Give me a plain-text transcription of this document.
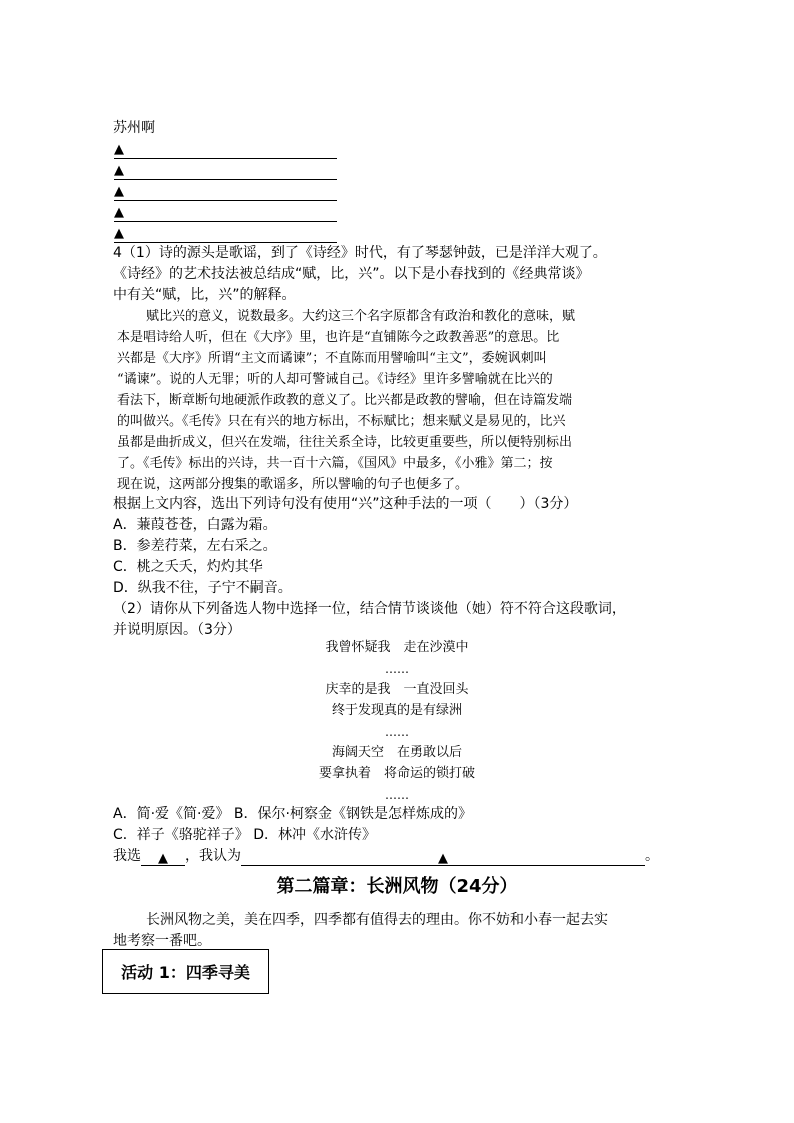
苏州啊
▲
▲
▲
▲
▲
4（1）诗的源头是歌谣，到了《诗经》时代，有了琴瑟钟鼓，已是洋洋大观了。
《诗经》的艺术技法被总结成“赋，比，兴”。以下是小春找到的《经典常谈》
中有关“赋，比，兴”的解释。
赋比兴的意义，说数最多。大约这三个名字原都含有政治和教化的意味，赋
本是唱诗给人听，但在《大序》里，也许是“直铺陈今之政教善恶”的意思。比
兴都是《大序》所谓“主文而谲谏”；不直陈而用譬喻叫“主文”，委婉讽刺叫
“谲谏”。说的人无罪；听的人却可警诫自己。《诗经》里许多譬喻就在比兴的
看法下，断章断句地硬派作政教的意义了。比兴都是政教的譬喻，但在诗篇发端
的叫做兴。《毛传》只在有兴的地方标出，不标赋比；想来赋义是易见的，比兴
虽都是曲折成义，但兴在发端，往往关系全诗，比较更重要些，所以便特别标出
了。《毛传》标出的兴诗，共一百十六篇，《国风》中最多，《小雅》第二；按
现在说，这两部分搜集的歌谣多，所以譬喻的句子也便多了。
根据上文内容，选出下列诗句没有使用“兴”这种手法的一项（　　）（3分）
A．蒹葭苍苍，白露为霜。
B．参差荇菜，左右采之。
C．桃之夭夭，灼灼其华
D．纵我不往，子宁不嗣音。
（2）请你从下列备选人物中选择一位，结合情节谈谈他（她）符不符合这段歌词，
并说明原因。（3分）
我曾怀疑我　走在沙漠中
……
庆幸的是我　一直没回头
终于发现真的是有绿洲
……
海阔天空　在勇敢以后
要拿执着　将命运的锁打破
……
A．简·爱《简·爱》 B．保尔·柯察金《钢铁是怎样炼成的》
C．祥子《骆驼祥子》 D．林冲《水浒传》
我选 ▲ ，我认为	▲	。
第二篇章：长洲风物（24分）
长洲风物之美，美在四季，四季都有值得去的理由。你不妨和小春一起去实
地考察一番吧。
活动 1：四季寻美
